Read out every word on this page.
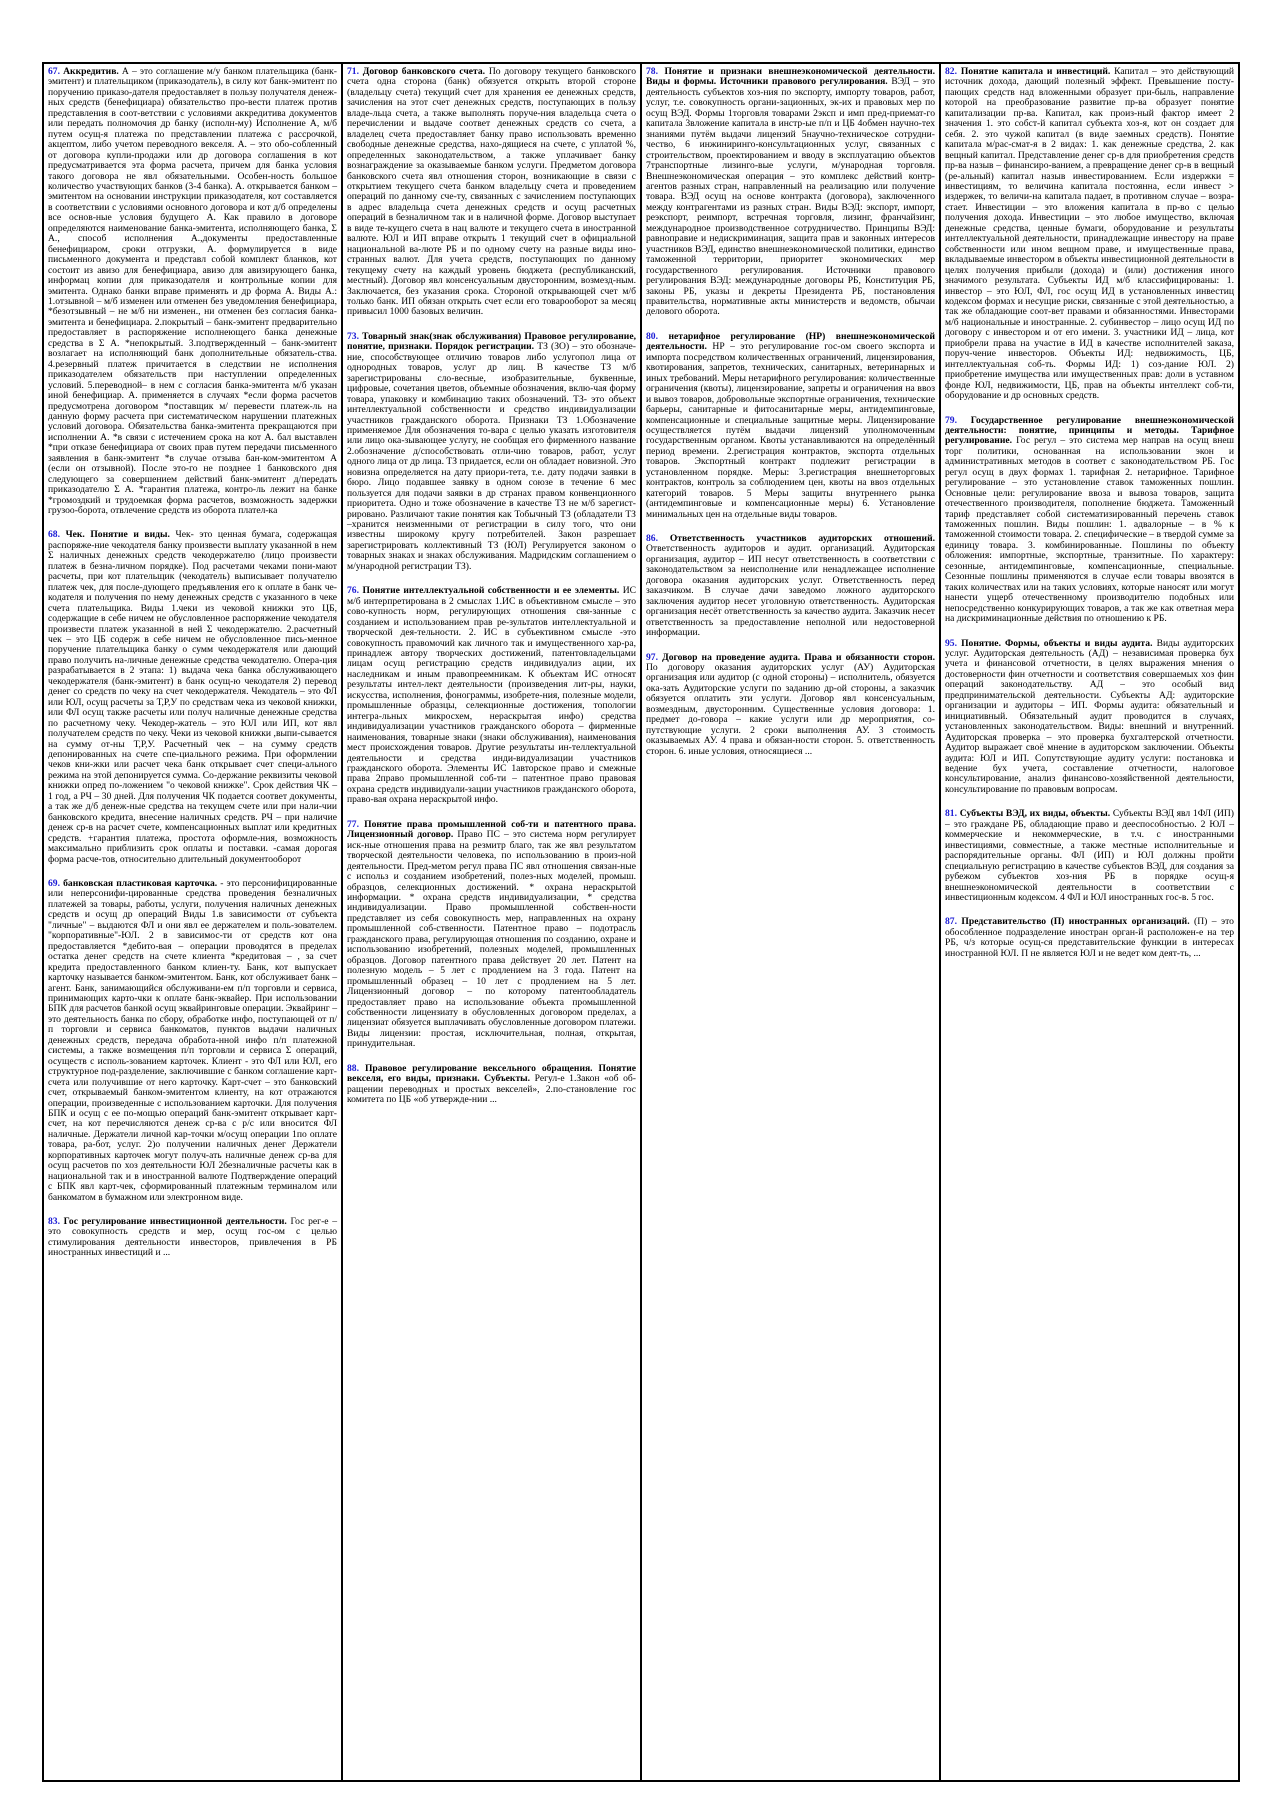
67. Аккредитив. А – это соглашение м/у банком плательщика (банк-эмитент) и плательщиком (приказодатель), в силу кот банк-эмитент по поручению приказо-дателя предоставляет в пользу получателя денеж-ных средств (бенефициара) обязательство про-вести платеж против представления в соот-ветствии с условиями аккредитива документов или передать полномочия др банку (исполн-му) Исполнение А, м/б путем осущ-я платежа по представлении платежа с рассрочкой, акцептом, либо учетом переводного векселя. А. – это обо-собленный от договора купли-продажи или др договора соглашения в кот предусматривается эта форма расчета, причем для банка условия такого договора не явл обязательными. Особен-ность большое количество участвующих банков (3-4 банка). А. открывается банком –эмитентом на основании инструкции приказодателя, кот составляется в соответствии с условиями основного договора и кот д/б определены все основ-ные условия будущего А. Как правило в договоре определяются наименование банка-эмитента, исполняющего банка, Σ А., способ исполнения А.,документы предоставленные бенефициаром, сроки отгрузки, А. формулируется в виде письменного документа и представл собой комплект бланков, кот состоит из авизо для бенефициара, авизо для авизирующего банка, информац копии для приказодателя и контрольные копии для эмитента. Однако банки вправе применять и др форма А. Виды А.: 1.отзывной – м/б изменен или отменен без уведомления бенефициара, *безотзывный – не м/б ни изменен., ни отменен без согласия банка-эмитента и бенефициара. 2.покрытый – банк-эмитент предварительно предоставляет в распоряжение исполнеющего банка денежные средства в Σ А. *непокрытый. 3.подтвержденный – банк-эмитент возлагает на исполняющий банк дополнительные обязатель-ства. 4.резервный платеж причитается в следствии не исполнения приказодателем обязательств при наступлении определенных условий. 5.переводной– в нем с согласия банка-эмитента м/б указан иной бенефициар. А. применяется в случаях *если форма расчетов предусмотрена договором *поставщик м/ перевести платеж-ль на данную форму расчета при систематическом нарушении платежных условий договора. Обязательства банка-эмитента прекращаются при исполнении А. *в связи с истечением срока на кот А. бал выставлен *при отказе бенефициара от своих прав путем передачи письменного заявления в банк-эмитент *в случае отзыва бан-ком-эмитентом А (если он отзывной). После это-го не позднее 1 банковского дня следующего за совершением действий банк-эмитент д/передать приказодателю Σ А. *гарантия платежа, контро-ль лежит на банке *громоздкий и трудоемкая форма расчетов, возможность задержки грузоо-борота, отвлечение средств из оборота плател-ка
68. Чек. Понятие и виды. Чек- это ценная бумага, содержащая распоряже-ние чекодателя банку произвести выплату указанной в нем Σ наличных денежных средств чекодержателю (лицо произвести платеж в безна-личном порядке). Под расчетами чеками пони-мают расчеты, при кот плательщик (чекодатель) выписывает получателю платеж чек, для после-дующего предъявления его к оплате в банк че-кодателя и получения по нему денежных средств с указанного в чеке счета плательщика. Виды 1.чеки из чековой книжки это ЦБ, содержащие в себе ничем не обусловленное распоряжение чекодателя произвести платеж указанной в ней Σ чекодержателю. 2.расчетный чек – это ЦБ содерж в себе ничем не обусловленное пись-менное поручение плательщика банку о сумм чекодержателя или дающий право получить на-личные денежные средства чекодателю. Опера-ция разрабатывается в 2 этапа: 1) выдача чека банка обслуживающего чекодержателя (банк-эмитент) в банк осущ-ю чекодателя 2) перевод денег со средств по чеку на счет чекодержателя. Чекодатель – это ФЛ или ЮЛ, осущ расчеты за Т,Р,У по средствам чека из чековой книжки, или ФЛ осущ также расчеты или получ наличные денежные средства по расчетному чеку. Чекодер-жатель – это ЮЛ или ИП, кот явл получателем средств по чеку. Чеки из чековой книжки ,выпи-сывается на сумму от-ны Т,Р,У. Расчетный чек – на сумму средств депонированных на счете спе-циального режима. При оформлении чеков кни-жки или расчет чека банк открывает счет специ-ального режима на этой депонируется сумма. Со-держание реквизиты чековой книжки опред по-ложением "о чековой книжке". Срок действия ЧК – 1 год, а РЧ – 30 дней. Для получения ЧК подается соответ документы, а так же д/б денеж-ные средства на текущем счете или при нали-чии банковского кредита, внесение наличных средств. РЧ – при наличие денеж ср-в на расчет счете, компенсационных выплат или кредитных средств. +гарантия платежа, простота оформле-ния, возможность максимально приблизить срок оплаты и поставки. -самая дорогая форма расче-тов, относительно длительный документооборот
69. банковская пластиковая карточка. - это персонифицированные или неперсонифи-цированные средства проведения безналичных платежей за товары, работы, услуги, получения наличных денежных средств и осущ др операций Виды 1.в зависимости от субъекта "личные" – выдаются ФЛ и они явл ее держателем и поль-зователем. "корпоративные"-ЮЛ. 2 в зависимос-ти от средств кот она предоставляется *дебито-вая – операции проводятся в пределах остатка денег средств на счете клиента *кредитовая – , за счет кредита предоставленного банком клиен-ту. Банк, кот выпускает карточку называется банком-эмитентом. Банк, кот обслуживает банк –агент. Банк, занимающийся обслуживани-ем п/п торговли и сервиса, принимающих карто-чки к оплате банк-эквайер. При использовании БПК для расчетов банкой осущ эквайринговые операции. Эквайринг – это деятельность банка по сбору, обработке инфо, поступающей от п/п торговли и сервиса банкоматов, пунктов выдачи наличных денежных средств, передача обработа-нной инфо п/п платежной системы, а также возмещения п/п торговли и сервиса Σ операций, осуществ с исполь-зованием карточек. Клиент - это ФЛ или ЮЛ, его структурное под-разделение, заключившие с банком соглашение карт-счета или получившие от него карточку. Карт-счет – это банковский счет, открываемый банком-эмитентом клиенту, на кот отражаются операции, произведенные с использованием карточки. Для получения БПК и осущ с ее по-мощью операций банк-эмитент открывает карт-счет, на кот перечисляются денеж ср-ва с р/с или вносится ФЛ наличные. Держатели личной кар-точки м/осущ операции 1по оплате товара, ра-бот, услуг. 2)о получении наличных денег Держатели корпоративных карточек могут получ-ать наличные денеж ср-ва для осущ расчетов по хоз деятельности ЮЛ 2безналичные расчеты как в национальной так и в иностранной валюте Подтверждение операций с БПК явл карт-чек, сформированный платежным терминалом или банкоматом в бумажном или электронном виде.
83. Гос регулирование инвестиционной деятельности. Гос рег-е – это совокупность средств и мер, осущ гос-ом с целью стимулирования деятельности инвесторов, привлечения в РБ иностранных инвестиций и ...
71. Договор банковского счета. По договору текущего банковского счета одна сторона (банк) обязуется открыть второй стороне (владельцу счета) текущий счет для хранения ее денежных средств, зачисления на этот счет денежных средств, поступающих в пользу владе-льца счета, а также выполнять поруче-ния владельца счета о перечислении и выдаче соответ денежных средств со счета, а владелец счета предоставляет банку право использовать временно свободные денежные средства, нахо-дящиеся на счете, с уплатой %, определенных законодательством, а также уплачивает банку вознаграждение за оказываемые банком услуги. Предметом договора банковского счета явл отношения сторон, возникающие в связи с открытием текущего счета банком владельцу счета и проведением операций по данному сче-ту, связанных с зачислением поступающих в адрес владельца счета денежных средств и осущ расчетных операций в безналичном так и в наличной форме. Договор выступает в виде те-кущего счета в нац валюте и текущего счета в иностранной валюте. ЮЛ и ИП вправе открыть 1 текущий счет в официальной национальной ва-люте РБ и по одному счету на разные виды ино-странных валют. Для учета средств, поступающих по данному текущему счету на каждый уровень бюджета (республиканский, местный). Договор явл консенсуальным двусторонним, возмезд-ным. Заключается, без указания срока. Стороной открывающей счет м/б только банк. ИП обязан открыть счет если его товарооборот за месяц привысил 1000 базовых величин.
73. Товарный знак(знак обслуживания) Правовое регулирование, понятие, признаки. Порядок регистрации. ТЗ (ЗО) – это обозначе-ние, способствующее отличию товаров либо услугопол лица от однородных товаров, услуг др лиц. В качестве ТЗ м/б зарегистрированы сло-весные, изобразительные, буквенные, цифровые, сочетания цветов, объемные обозначения, вклю-чая форму товара, упаковку и комбинацию таких обозначений. ТЗ- это объект интеллектуальной собственности и средство индивидуализации участников гражданского оборота. Признаки ТЗ 1.Обозначение применяемое Для обозначения то-вара с целью указать изготовителя или лицо ока-зывающее услугу, не сообщая его фирменного название 2.обозначение д/способствовать отли-чию товаров, работ, услуг одного лица от др лица. ТЗ придается, если он обладает новизной. Это новизна определяется на дату приори-тета, т.е. дату подачи заявки в бюро. Лицо подавшее заявку в одном союзе в течение 6 мес пользуется для подачи заявки в др странах правом конвенционного приоритета. Одно и тоже обозначение в качестве ТЗ не м/б зарегист-рировано. Различают такие понятия как Тобычный ТЗ (обладатели ТЗ –хранится неизменными от регистрации в силу того, что они известны широкому кругу потребителей. Закон разрешает зарегистрировать коллективный ТЗ (ЮЛ) Регулируется законом о товарных знаках и знаках обслуживания. Мадридским соглашением о м/ународной регистрации ТЗ).
76. Понятие интеллектуальной собственности и ее элементы. ИС м/б интерпретирована в 2 смыслах 1.ИС в объективном смысле – это сово-купность норм, регулирующих отношения свя-занные с созданием и использованием прав ре-зультатов интеллектуальной и творческой дея-тельности. 2. ИС в субъективном смысле -это совокупность правомочий как личного так и имущественного хар-ра, принадлеж автору творческих достижений, патентовладельцами лицам осущ регистрацию средств индивидуализ ации, их наследникам и иным правопреемникам. К объектам ИС относят результаты интел-лект деятельности (произведения лит-ры, науки, искусства, исполнения, фонограммы, изобрете-ния, полезные модели, промышленные образцы, селекционные достижения, топологии интегра-льных микросхем, нераскрытая инфо) средства индивидуализации участников гражданского оборота – фирменные наименования, товарные знаки (знаки обслуживания), наименования мест происхождения товаров. Другие результаты ин-теллектуальной деятельности и средства инди-видуализации участников гражданского оборота. Элементы ИС 1авторское право и смежные права 2право промышленной соб-ти – патентное право правовая охрана средств индивидуали-зации участников гражданского оборота, право-вая охрана нераскрытой инфо.
77. Понятие права промышленной соб-ти и патентного права. Лицензионный договор. Право ПС – это система норм регулирует иск-ные отношения права на резмитр благо, так же явл результатом творческой деятельности человека, по использованию в произ-ной деятельности. Пред-метом регул права ПС явл отношения связан-ные с использ и созданием изобретений, полез-ных моделей, промыш. образцов, селекционных достижений. * охрана нераскрытой информации. * охрана средств индивидуализации, * средства индивидуализации. Право промышленной собствен-ности представляет из себя совокупность мер, направленных на охрану промышленной соб-ственности. Патентное право – подотрасль гражданского права, регулирующая отношения по созданию, охране и использованию изобретений, полезных моделей, промышленных образцов. Договор патентного права действует 20 лет. Патент на полезную модель – 5 лет с продлением на 3 года. Патент на промышленный образец – 10 лет с продлением на 5 лет. Лицензионный договор – по которому патентообладатель предоставляет право на использование объекта промышленной собственности лицензиату в обусловленных договором пределах, а лицензиат обязуется выплачивать обусловленные договором платежи. Виды лицензии: простая, исключительная, полная, открытая, принудительная.
88. Правовое регулирование вексельного обращения. Понятие векселя, его виды, признаки. Субъекты. Регул-е 1.Закон «об об-ращении переводных и простых векселей», 2.по-становление гос комитета по ЦБ «об утвержде-нии ...
78. Понятие и признаки внешнеэкономической деятельности. Виды и формы. Источники правового регулирования. ВЭД – это деятельность субъектов хоз-ния по экспорту, импорту товаров, работ, услуг, т.е. совокупность органи-зационных, эк-их и правовых мер по осущ ВЭД. Формы 1торговля товарами 2эксп и имп пред-приемат-го капитала 3вложение капитала в инстр-ые п/п и ЦБ 4обмен научно-тех знаниями путём выдачи лицензий 5научно-техническое сотрудни-чество, 6 инжиниринго-консультационных услуг, связанных с строительством, проектированием и вводу в эксплуатацию объектов 7транспортные лизинго-вые услуги, м/ународная торговля. Внешнеэкономическая операция – это комплекс действий контр-агентов разных стран, направленный на реализацию или получение товара. ВЭД осущ на основе контракта (договора), заключенного между контрагентами из разных стран. Виды ВЭД: экспорт, импорт, реэкспорт, реимпорт, встречная торговля, лизинг, франчайзинг, международное производственное сотрудничество. Принципы ВЭД: равноправие и недискриминация, защита прав и законных интересов участников ВЭД, единство внешнеэкономической политики, единство таможенной территории, приоритет экономических мер государственного регулирования. Источники правового регулирования ВЭД: международные договоры РБ, Конституция РБ, законы РБ, указы и декреты Президента РБ, постановления правительства, нормативные акты министерств и ведомств, обычаи делового оборота.
80. нетарифное регулирование (НР) внешнеэкономической деятельности. НР – это регулирование гос-ом своего экспорта и импорта посредством количественных ограничений, лицензирования, квотирования, запретов, технических, санитарных, ветеринарных и иных требований. Меры нетарифного регулирования: количественные ограничения (квоты), лицензирование, запреты и ограничения на ввоз и вывоз товаров, добровольные экспортные ограничения, технические барьеры, санитарные и фитосанитарные меры, антидемпинговые, компенсационные и специальные защитные меры. Лицензирование осуществляется путём выдачи лицензий уполномоченным государственным органом. Квоты устанавливаются на определённый период времени. 2.регистрация контрактов, экспорта отдельных товаров. Экспортный контракт подлежит регистрации в установленном порядке. Меры: 3.регистрация внешнеторговых контрактов, контроль за соблюдением цен, квоты на ввоз отдельных категорий товаров. 5 Меры защиты внутреннего рынка (антидемпинговые и компенсационные меры) 6. Установление минимальных цен на отдельные виды товаров.
86. Ответственность участников аудиторских отношений. Ответственность аудиторов и аудит. организаций. Аудиторская организация, аудитор – ИП несут ответственность в соответствии с законодательством за неисполнение или ненадлежащее исполнение договора оказания аудиторских услуг. Ответственность перед заказчиком. В случае дачи заведомо ложного аудиторского заключения аудитор несет уголовную ответственность. Аудиторская организация несёт ответственность за качество аудита. Заказчик несет ответственность за предоставление неполной или недостоверной информации.
97. Договор на проведение аудита. Права и обязанности сторон. По договору оказания аудиторских услуг (АУ) Аудиторская организация или аудитор (с одной стороны) – исполнитель, обязуется ока-зать Аудиторские услуги по заданию др-ой стороны, а заказчик обязуется оплатить эти услуги. Договор явл консенсуальным, возмездным, двусторонним. Существенные условия договора: 1. предмет до-говора – какие услуги или др мероприятия, со-путствующие услуги. 2 сроки выполнения АУ. 3 стоимость оказываемых АУ. 4 права и обязан-ности сторон. 5. ответственность сторон. 6. иные условия, относящиеся ...
82. Понятие капитала и инвестиций. Капитал – это действующий источник дохода, дающий полезный эффект. Превышение посту-пающих средств над вложенными образует при-быль, направление которой на преобразование развитие пр-ва образует понятие капитализации пр-ва. Капитал, как произ-ный фактор имеет 2 значения 1. это собст-й капитал субъекта хоз-я, кот он создает для себя. 2. это чужой капитал (в виде заемных средств). Понятие капитала м/рас-смат-я в 2 видах: 1. как денежные средства, 2. как вещный капитал. Представление денег ср-в для приобретения средств пр-ва назыв – финансиро-ванием, а превращение денег ср-в в вещный (ре-альный) капитал назыв инвестированием. Если издержки = инвестициям, то величина капитала постоянна, если инвест > издержек, то величи-на капитала падает, в противном случае – возра-стает. Инвестиции – это вложения капитала в пр-во с целью получения дохода. Инвестиции – это любое имущество, включая денежные средства, ценные бумаги, оборудование и результаты интеллектуальной деятельности, принадлежащие инвестору на праве собственности или ином вещном праве, и имущественные права, вкладываемые инвестором в объекты инвестиционной деятельности в целях получения прибыли (дохода) и (или) достижения иного значимого результата. Субъекты ИД м/б классифицированы: 1. инвестор – это ЮЛ, ФЛ, гос осущ ИД в установленных инвестиц кодексом формах и несущие риски, связанные с этой деятельностью, а так же обладающие соот-вет правами и обязанностями. Инвесторами м/б национальные и иностранные. 2. субинвестор – лицо осущ ИД по договору с инвестором и от его имени. 3. участники ИД – лица, кот приобрели права на участие в ИД в качестве исполнителей заказа, поруч-чение инвесторов. Объекты ИД: недвижимость, ЦБ, интеллектуальная соб-ть. Формы ИД: 1) соз-дание ЮЛ. 2) приобретение имущества или имущественных прав: доли в уставном фонде ЮЛ, недвижимости, ЦБ, прав на объекты интеллект соб-ти, оборудование и др основных средств.
79. Государственное регулирование внешнеэкономической деятельности: понятие, принципы и методы. Тарифное регулирование. Гос регул – это система мер направ на осущ внеш торг политики, основанная на использовании экон и административных методов в соответ с законодательством РБ. Гос регул осущ в двух формах 1. тарифная 2. нетарифное. Тарифное регулирование – это установление ставок таможенных пошлин. Основные цели: регулирование ввоза и вывоза товаров, защита отечественного производителя, пополнение бюджета. Таможенный тариф представляет собой систематизированный перечень ставок таможенных пошлин. Виды пошлин: 1. адвалорные – в % к таможенной стоимости товара. 2. специфические – в твердой сумме за единицу товара. 3. комбинированные. Пошлины по объекту обложения: импортные, экспортные, транзитные. По характеру: сезонные, антидемпинговые, компенсационные, специальные. Сезонные пошлины применяются в случае если товары ввозятся в таких количествах или на таких условиях, которые наносят или могут нанести ущерб отечественному производителю подобных или непосредственно конкурирующих товаров, а так же как ответная мера на дискриминационные действия по отношению к РБ.
95. Понятие. Формы, объекты и виды аудита. Виды аудиторских услуг. Аудиторская деятельность (АД) – независимая проверка бух учета и финансовой отчетности, в целях выражения мнения о достоверности фин отчетности и соответствия совершаемых хоз фин операций законодательству. АД – это особый вид предпринимательской деятельности. Субъекты АД: аудиторские организации и аудиторы – ИП. Формы аудита: обязательный и инициативный. Обязательный аудит проводится в случаях, установленных законодательством. Виды: внешний и внутренний. Аудиторская проверка – это проверка бухгалтерской отчетности. Аудитор выражает своё мнение в аудиторском заключении. Объекты аудита: ЮЛ и ИП. Сопутствующие аудиту услуги: постановка и ведение бух учета, составление отчетности, налоговое консультирование, анализ финансово-хозяйственной деятельности, консультирование по правовым вопросам.
81. Субъекты ВЭД, их виды, объекты. Субъекты ВЭД явл 1ФЛ (ИП) – это граждане РБ, обладающие право и дееспособностью. 2 ЮЛ – коммерческие и некоммерческие, в т.ч. с иностранными инвестициями, совместные, а также местные исполнительные и распорядительные органы. ФЛ (ИП) и ЮЛ должны пройти специальную регистрацию в качестве субъектов ВЭД, для создания за рубежом субъектов хоз-ния РБ в порядке осущ-я внешнеэкономической деятельности в соответствии с инвестиционным кодексом. 4 ФЛ и ЮЛ иностранных гос-в. 5 гос.
87. Представительство (П) иностранных организаций. (П) – это обособленное подразделение иностран орган-й расположен-е на тер РБ, ч/з которые осущ-ся представительские функции в интересах иностранной ЮЛ. П не является ЮЛ и не ведет ком деят-ть, ...
